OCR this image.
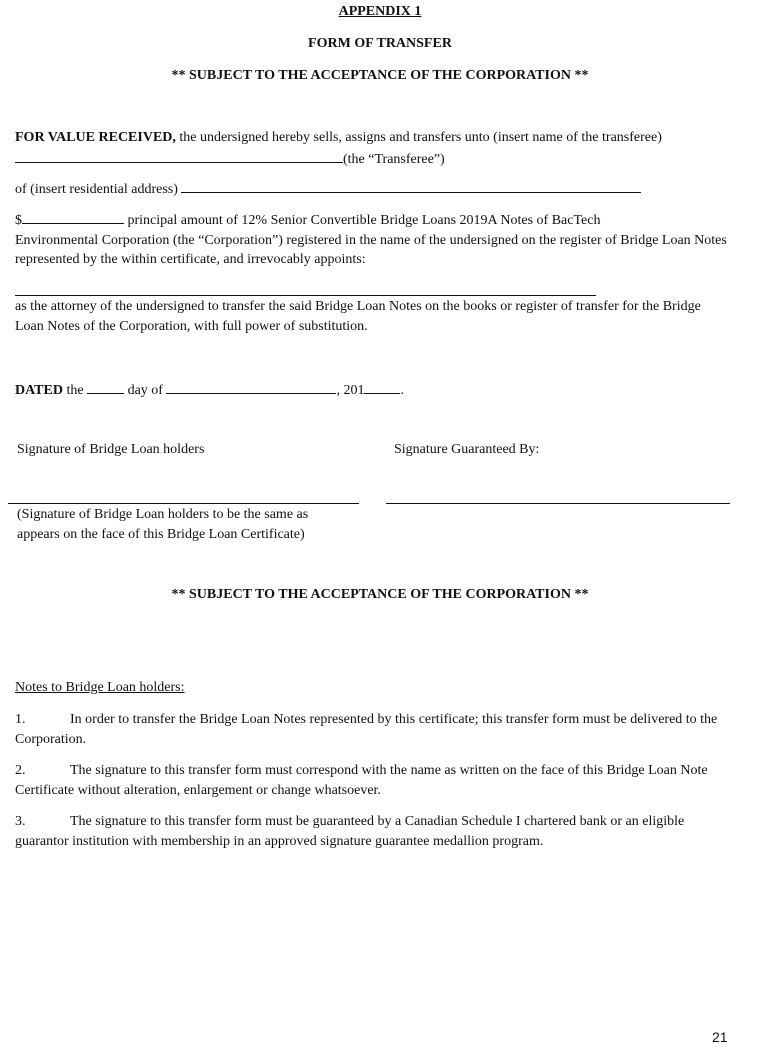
APPENDIX 1
FORM OF TRANSFER
** SUBJECT TO THE ACCEPTANCE OF THE CORPORATION **
FOR VALUE RECEIVED, the undersigned hereby sells, assigns and transfers unto (insert name of the transferee)
(the “Transferee”)
of (insert residential address)
$	principal amount of 12% Senior Convertible Bridge Loans 2019A Notes of BacTech
Environmental Corporation (the “Corporation”) registered in the name of the undersigned on the register of Bridge Loan Notes represented by the within certificate, and irrevocably appoints:
as the attorney of the undersigned to transfer the said Bridge Loan Notes on the books or register of transfer for the Bridge Loan Notes of the Corporation, with full power of substitution.
DATED the	day of	, 201	.
Signature of Bridge Loan holders	Signature Guaranteed By:
(Signature of Bridge Loan holders to be the same as
appears on the face of this Bridge Loan Certificate)
** SUBJECT TO THE ACCEPTANCE OF THE CORPORATION **
Notes to Bridge Loan holders:
1.	In order to transfer the Bridge Loan Notes represented by this certificate; this transfer form must be delivered to the Corporation.
2.	The signature to this transfer form must correspond with the name as written on the face of this Bridge Loan Note Certificate without alteration, enlargement or change whatsoever.
3.	The signature to this transfer form must be guaranteed by a Canadian Schedule I chartered bank or an eligible guarantor institution with membership in an approved signature guarantee medallion program.
21
